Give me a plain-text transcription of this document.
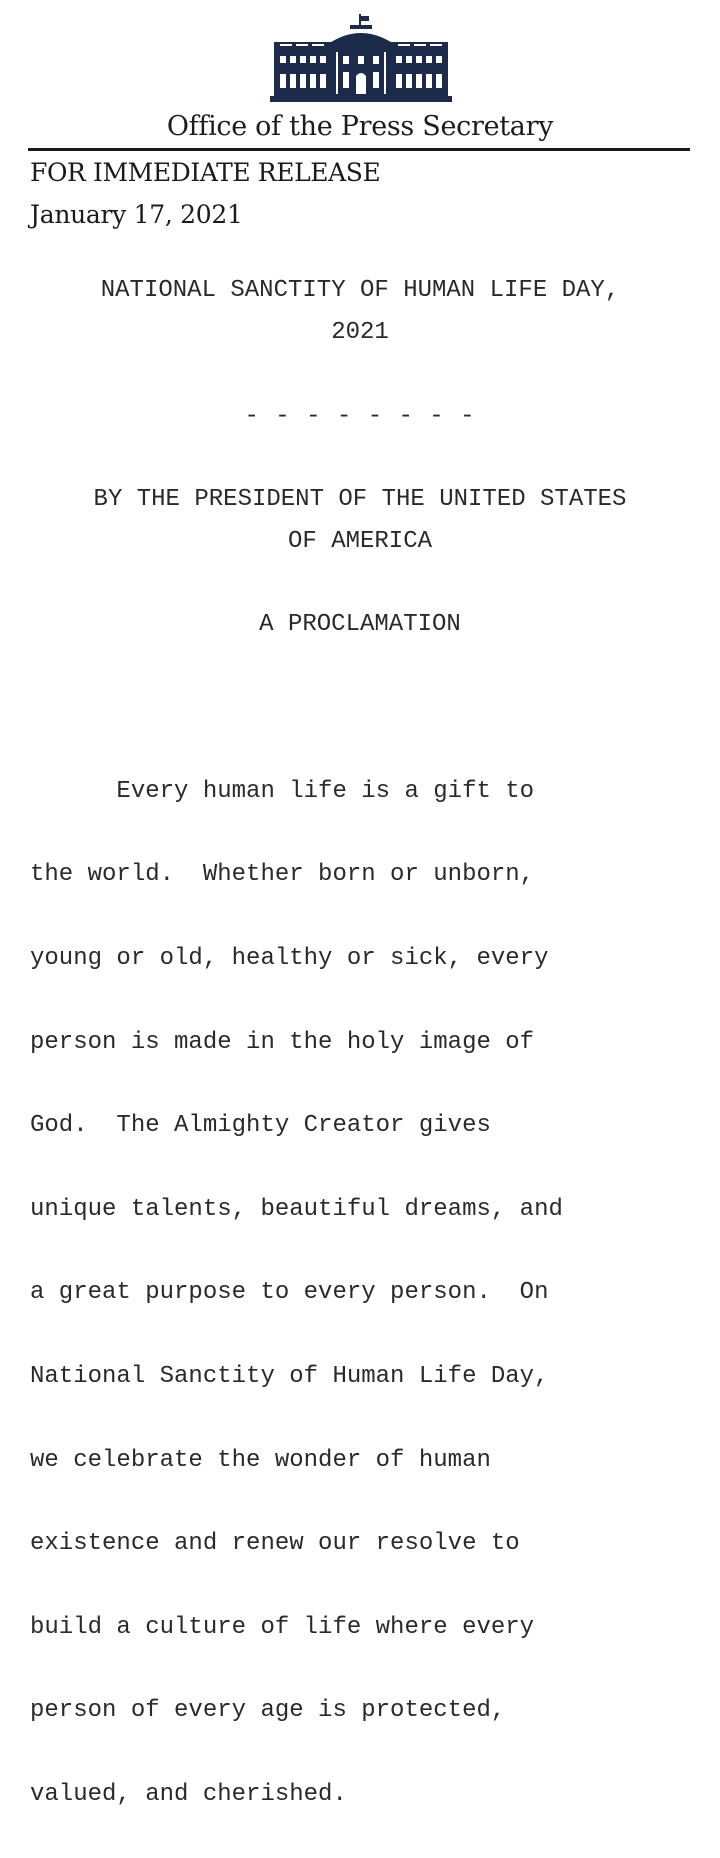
Office of the Press Secretary
FOR IMMEDIATE RELEASE
January 17, 2021
NATIONAL SANCTITY OF HUMAN LIFE DAY,
2021
- - - - - - - -
BY THE PRESIDENT OF THE UNITED STATES
OF AMERICA
A PROCLAMATION

Every human life is a gift to

the world.  Whether born or unborn,

young or old, healthy or sick, every

person is made in the holy image of

God.  The Almighty Creator gives

unique talents, beautiful dreams, and

a great purpose to every person.  On

National Sanctity of Human Life Day,

we celebrate the wonder of human

existence and renew our resolve to

build a culture of life where every

person of every age is protected,

valued, and cherished.
